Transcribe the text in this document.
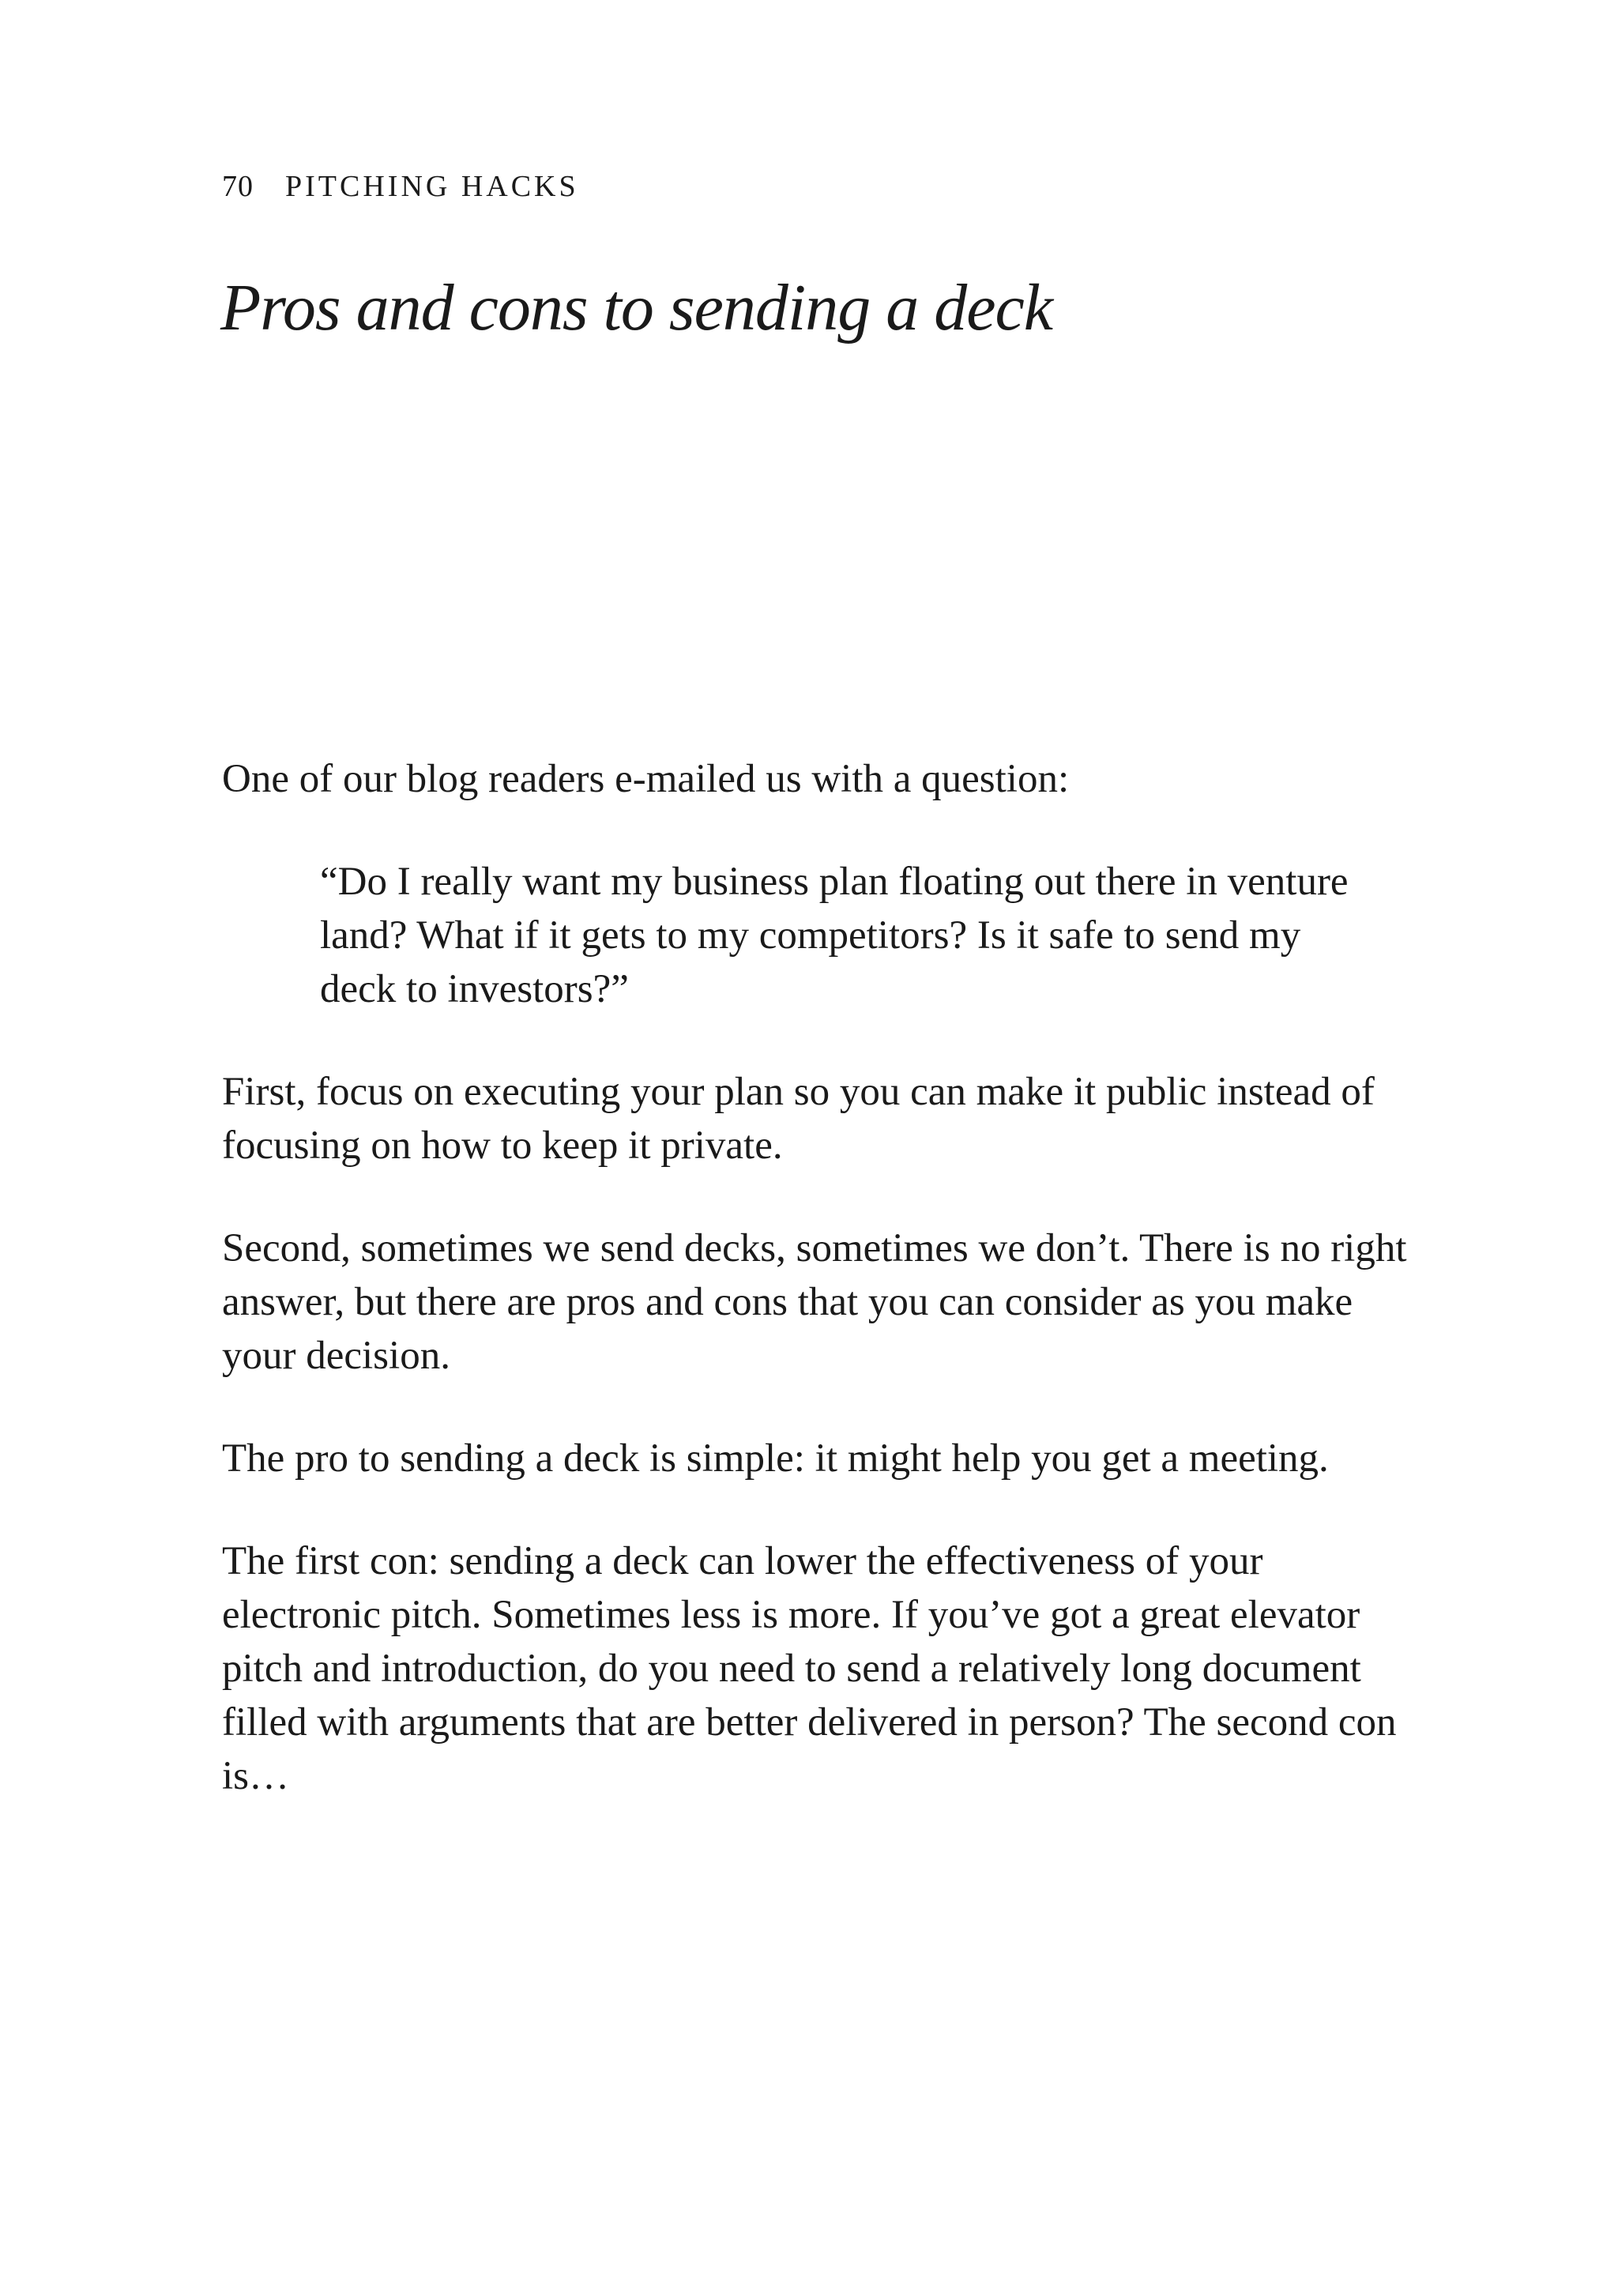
70 PITCHING HACKS
Pros and cons to sending a deck

One of our blog readers e-mailed us with a question:

“Do I really want my business plan floating out there in venture land? What if it gets to my competitors? Is it safe to send my deck to investors?”

First, focus on executing your plan so you can make it public instead of focusing on how to keep it private.

Second, sometimes we send decks, sometimes we don’t. There is no right answer, but there are pros and cons that you can consider as you make your decision.

The pro to sending a deck is simple: it might help you get a meeting.

The first con: sending a deck can lower the effectiveness of your electronic pitch. Sometimes less is more. If you’ve got a great elevator pitch and introduction, do you need to send a relatively long document filled with arguments that are better delivered in person? The second con is…
